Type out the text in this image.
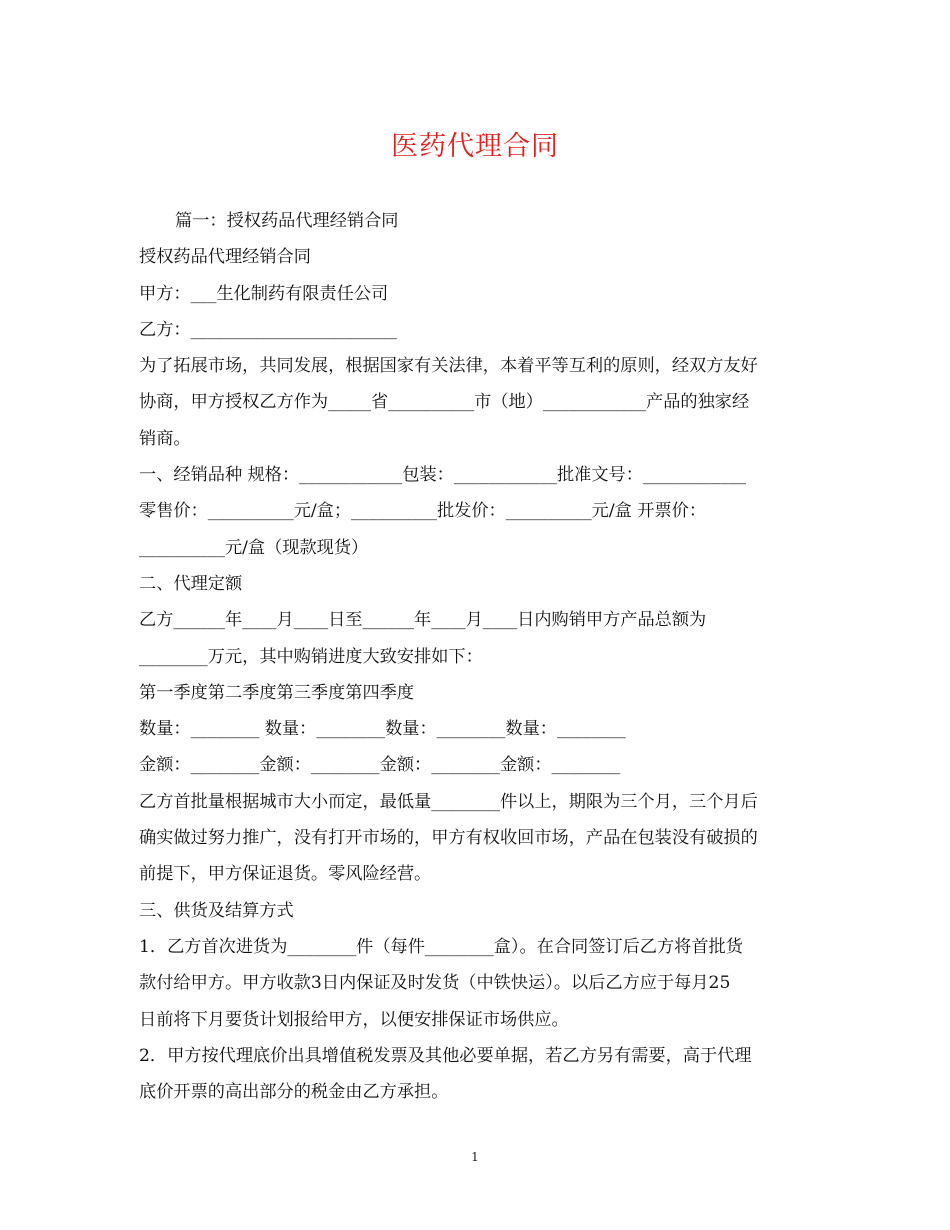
医药代理合同
篇一：授权药品代理经销合同
授权药品代理经销合同
甲方：___生化制药有限责任公司
乙方：________________________
为了拓展市场，共同发展，根据国家有关法律，本着平等互利的原则，经双方友好
协商，甲方授权乙方作为_____省__________市（地）____________产品的独家经
销商。
一、经销品种 规格：____________包装：____________批准文号：____________
零售价：__________元/盒；__________批发价：__________元/盒 开票价：
__________元/盒（现款现货）
二、代理定额
乙方______年____月____日至______年____月____日内购销甲方产品总额为
________万元，其中购销进度大致安排如下：
第一季度第二季度第三季度第四季度
数量：________ 数量：________数量：________数量：________
金额：________金额：________金额：________金额：________
乙方首批量根据城市大小而定，最低量________件以上，期限为三个月，三个月后
确实做过努力推广，没有打开市场的，甲方有权收回市场，产品在包装没有破损的
前提下，甲方保证退货。零风险经营。
三、供货及结算方式
1．乙方首次进货为________件（每件________盒）。在合同签订后乙方将首批货
款付给甲方。甲方收款3日内保证及时发货（中铁快运）。以后乙方应于每月25
日前将下月要货计划报给甲方，以便安排保证市场供应。
2．甲方按代理底价出具增值税发票及其他必要单据，若乙方另有需要，高于代理
底价开票的高出部分的税金由乙方承担。
1
